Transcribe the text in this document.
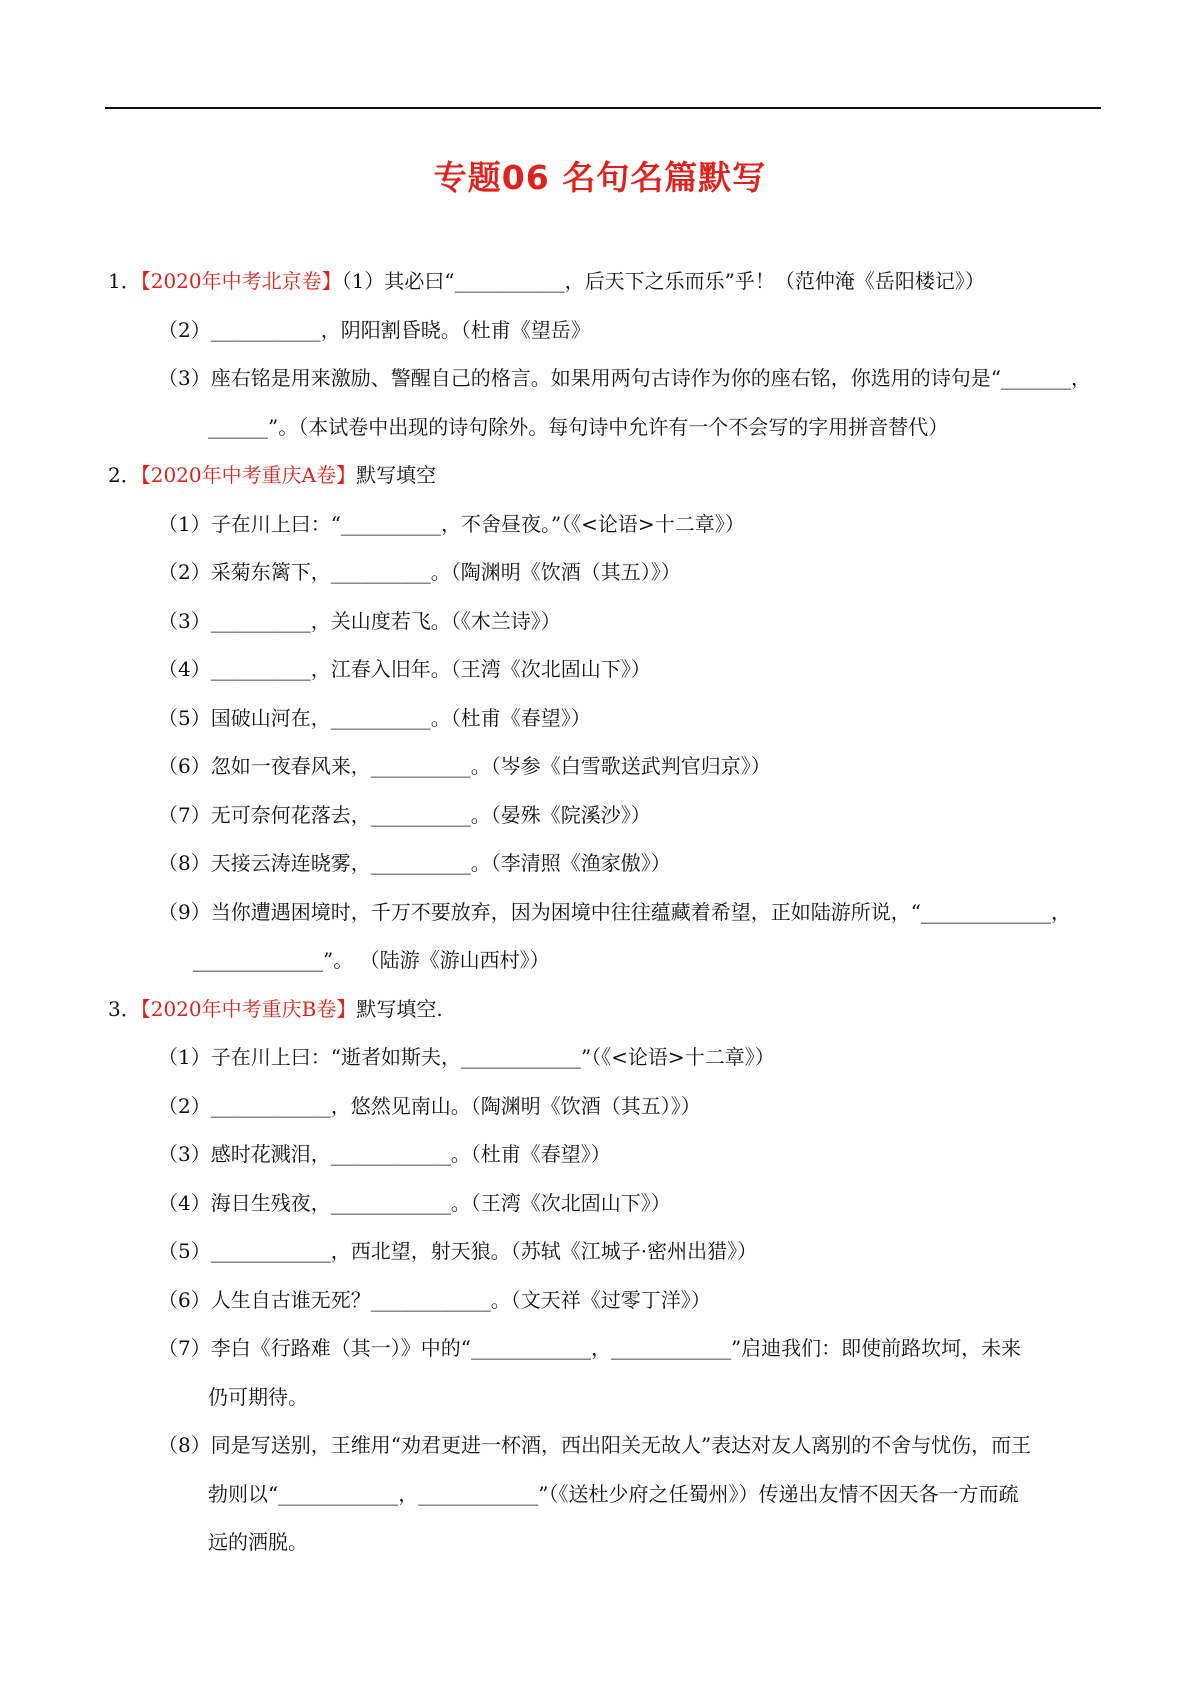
专题06 名句名篇默写
1．【2020年中考北京卷】（1）其必曰“___________，后天下之乐而乐”乎！（范仲淹《岳阳楼记》）
（2）___________，阴阳割昏晓。（杜甫《望岳》
（3）座右铭是用来激励、警醒自己的格言。如果用两句古诗作为你的座右铭，你选用的诗句是“_______，
______”。（本试卷中出现的诗句除外。每句诗中允许有一个不会写的字用拼音替代）
2．【2020年中考重庆A卷】默写填空
（1）子在川上曰：“__________，不舍昼夜。”（《<论语>十二章》）
（2）采菊东篱下，__________。（陶渊明《饮酒（其五）》）
（3）__________，关山度若飞。（《木兰诗》）
（4）__________，江春入旧年。（王湾《次北固山下》）
（5）国破山河在，__________。（杜甫《春望》）
（6）忽如一夜春风来，__________。（岑参《白雪歌送武判官归京》）
（7）无可奈何花落去，__________。（晏殊《院溪沙》）
（8）天接云涛连晓雾，__________。（李清照《渔家傲》）
（9）当你遭遇困境时，千万不要放弃，因为困境中往往蕴藏着希望，正如陆游所说，“_____________，
_____________”。 （陆游《游山西村》）
3．【2020年中考重庆B卷】默写填空.
（1）子在川上曰：“逝者如斯夫，____________”（《<论语>十二章》）
（2）____________，悠然见南山。（陶渊明《饮酒（其五）》）
（3）感时花溅泪，____________。（杜甫《春望》）
（4）海日生残夜，____________。（王湾《次北固山下》）
（5）____________，西北望，射天狼。（苏轼《江城子·密州出猎》）
（6）人生自古谁无死？____________。（文天祥《过零丁洋》）
（7）李白《行路难（其一）》中的“____________，____________”启迪我们：即使前路坎坷，未来
仍可期待。
（8）同是写送别，王维用“劝君更进一杯酒，西出阳关无故人”表达对友人离别的不舍与忧伤，而王
勃则以“____________，____________”（《送杜少府之任蜀州》）传递出友情不因天各一方而疏
远的洒脱。
